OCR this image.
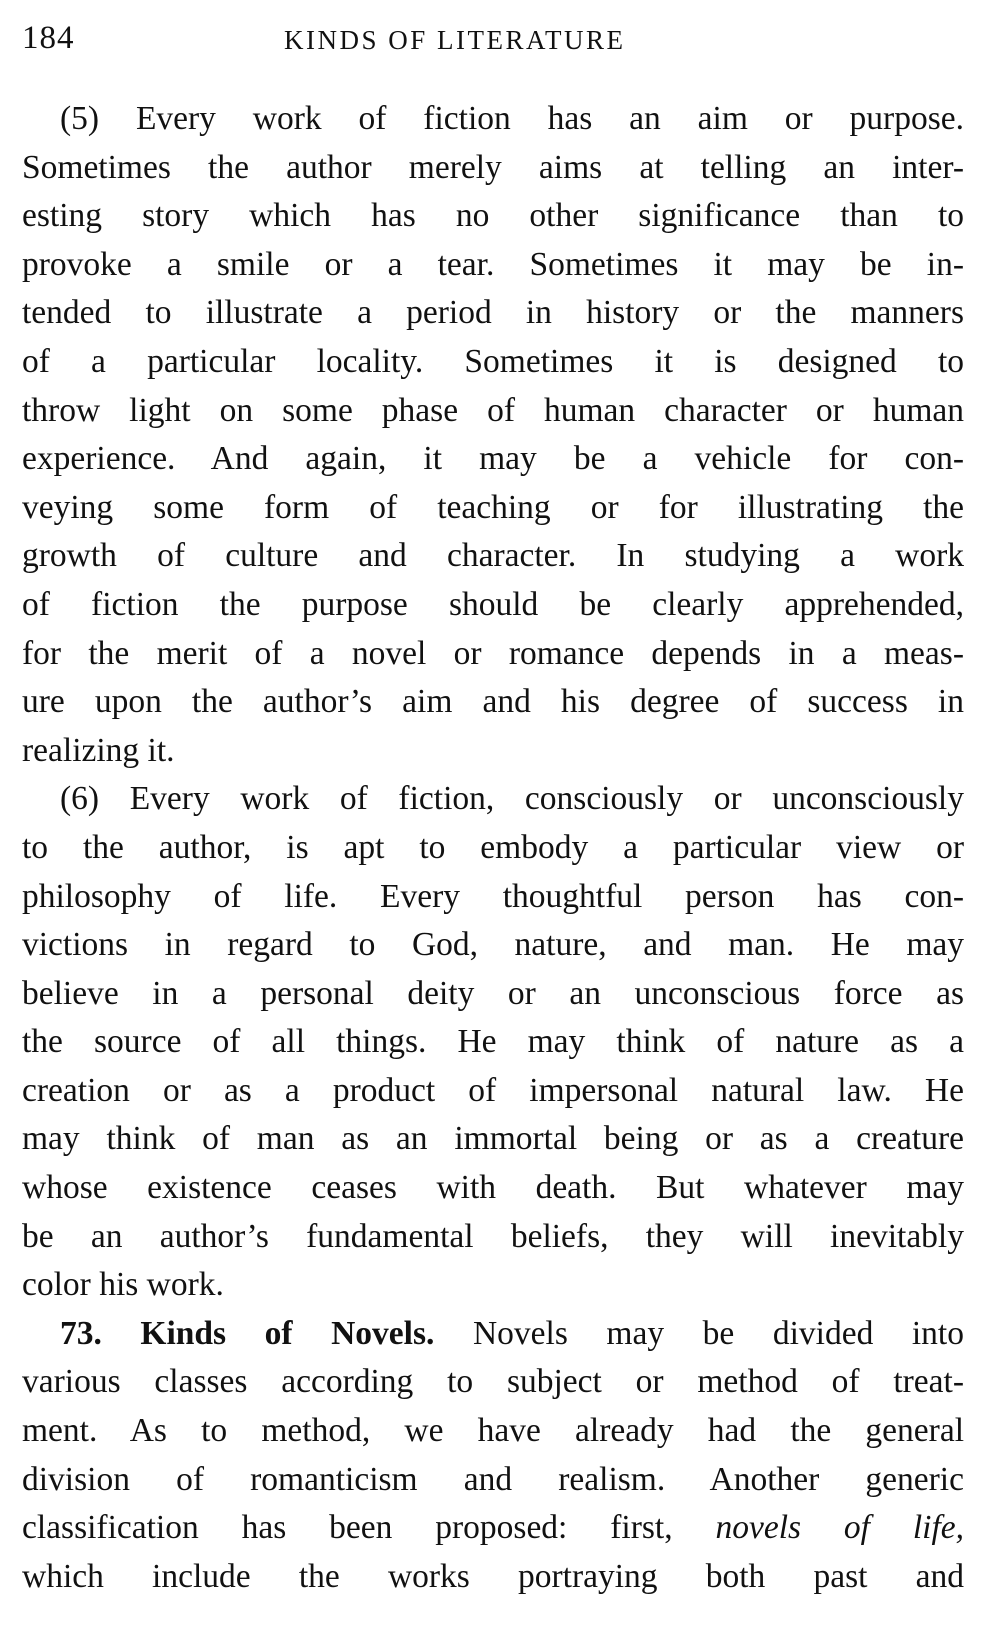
184	KINDS OF LITERATURE
(5) Every work of fiction has an aim or purpose.
Sometimes the author merely aims at telling an inter-
esting story which has no other significance than to
provoke a smile or a tear. Sometimes it may be in-
tended to illustrate a period in history or the manners
of a particular locality. Sometimes it is designed to
throw light on some phase of human character or human
experience. And again, it may be a vehicle for con-
veying some form of teaching or for illustrating the
growth of culture and character. In studying a work
of fiction the purpose should be clearly apprehended,
for the merit of a novel or romance depends in a meas-
ure upon the author’s aim and his degree of success in
realizing it.
(6) Every work of fiction, consciously or unconsciously
to the author, is apt to embody a particular view or
philosophy of life. Every thoughtful person has con-
victions in regard to God, nature, and man. He may
believe in a personal deity or an unconscious force as
the source of all things. He may think of nature as a
creation or as a product of impersonal natural law. He
may think of man as an immortal being or as a creature
whose existence ceases with death. But whatever may
be an author’s fundamental beliefs, they will inevitably
color his work.
73. Kinds of Novels. Novels may be divided into
various classes according to subject or method of treat-
ment. As to method, we have already had the general
division of romanticism and realism. Another generic
classification has been proposed: first, novels of life,
which include the works portraying both past and
